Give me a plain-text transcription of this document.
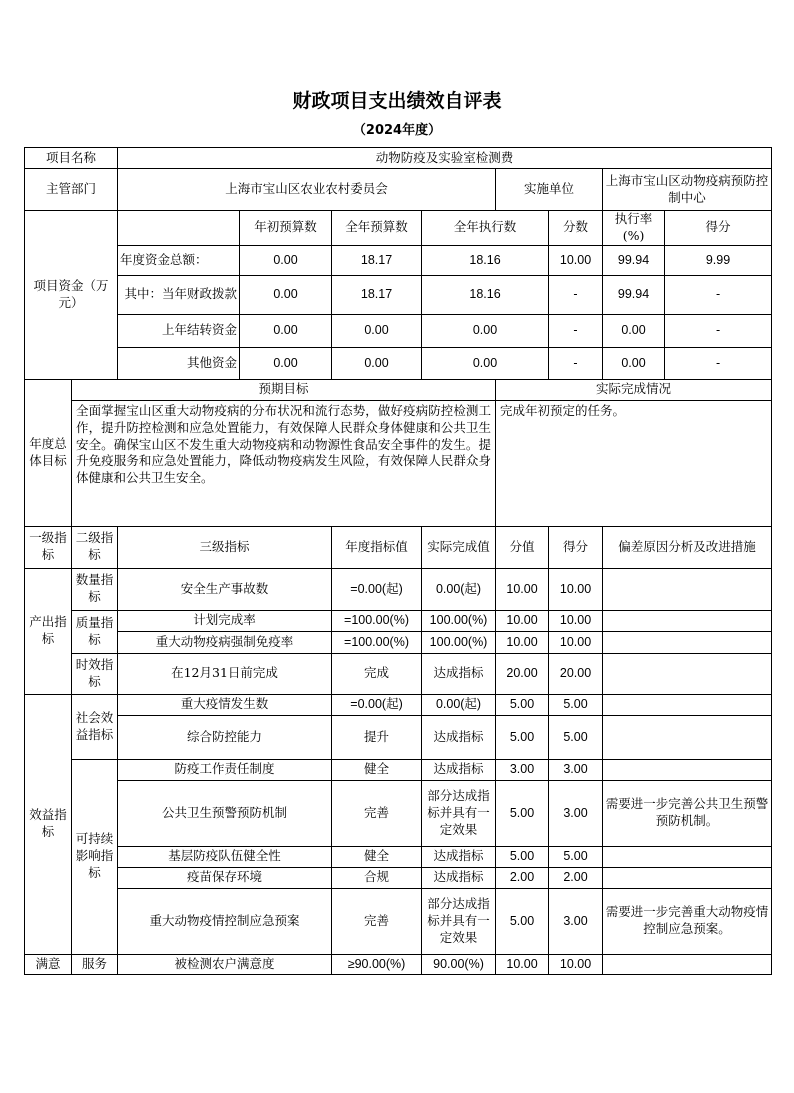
财政项目支出绩效自评表
（2024年度）
项目名称		动物防疫及实验室检测费							
主管部门		上海市宝山区农业农村委员会				实施单位		上海市宝山区动物疫病预防控制中心	
项目资金（万元）			年初预算数	全年预算数	全年执行数		分数	执行率(%)	得分
		年度资金总额：	0.00	18.17	18.16		10.00	99.94	9.99
		其中：当年财政拨款	0.00	18.17	18.16		-	99.94	-
		上年结转资金	0.00	0.00	0.00		-	0.00	-
		其他资金	0.00	0.00	0.00		-	0.00	-
年度总体目标	预期目标					实际完成情况			
	全面掌握宝山区重大动物疫病的分布状况和流行态势，做好疫病防控检测工作，提升防控检测和应急处置能力，有效保障人民群众身体健康和公共卫生安全。确保宝山区不发生重大动物疫病和动物源性食品安全事件的发生。提升免疫服务和应急处置能力，降低动物疫病发生风险，有效保障人民群众身体健康和公共卫生安全。					完成年初预定的任务。			
一级指标	二级指标	三级指标		年度指标值	实际完成值	分值	得分	偏差原因分析及改进措施	
产出指标	数量指标	安全生产事故数		=0.00(起)	0.00(起)	10.00	10.00		
	质量指标	计划完成率		=100.00(%)	100.00(%)	10.00	10.00		
		重大动物疫病强制免疫率		=100.00(%)	100.00(%)	10.00	10.00		
	时效指标	在12月31日前完成		完成	达成指标	20.00	20.00		
效益指标	社会效益指标	重大疫情发生数		=0.00(起)	0.00(起)	5.00	5.00		
		综合防控能力		提升	达成指标	5.00	5.00		
	可持续影响指标	防疫工作责任制度		健全	达成指标	3.00	3.00		
		公共卫生预警预防机制		完善	部分达成指标并具有一定效果	5.00	3.00	需要进一步完善公共卫生预警预防机制。	
		基层防疫队伍健全性		健全	达成指标	5.00	5.00		
		疫苗保存环境		合规	达成指标	2.00	2.00		
		重大动物疫情控制应急预案		完善	部分达成指标并具有一定效果	5.00	3.00	需要进一步完善重大动物疫情控制应急预案。	
满意	服务	被检测农户满意度		≥90.00(%)	90.00(%)	10.00	10.00		
